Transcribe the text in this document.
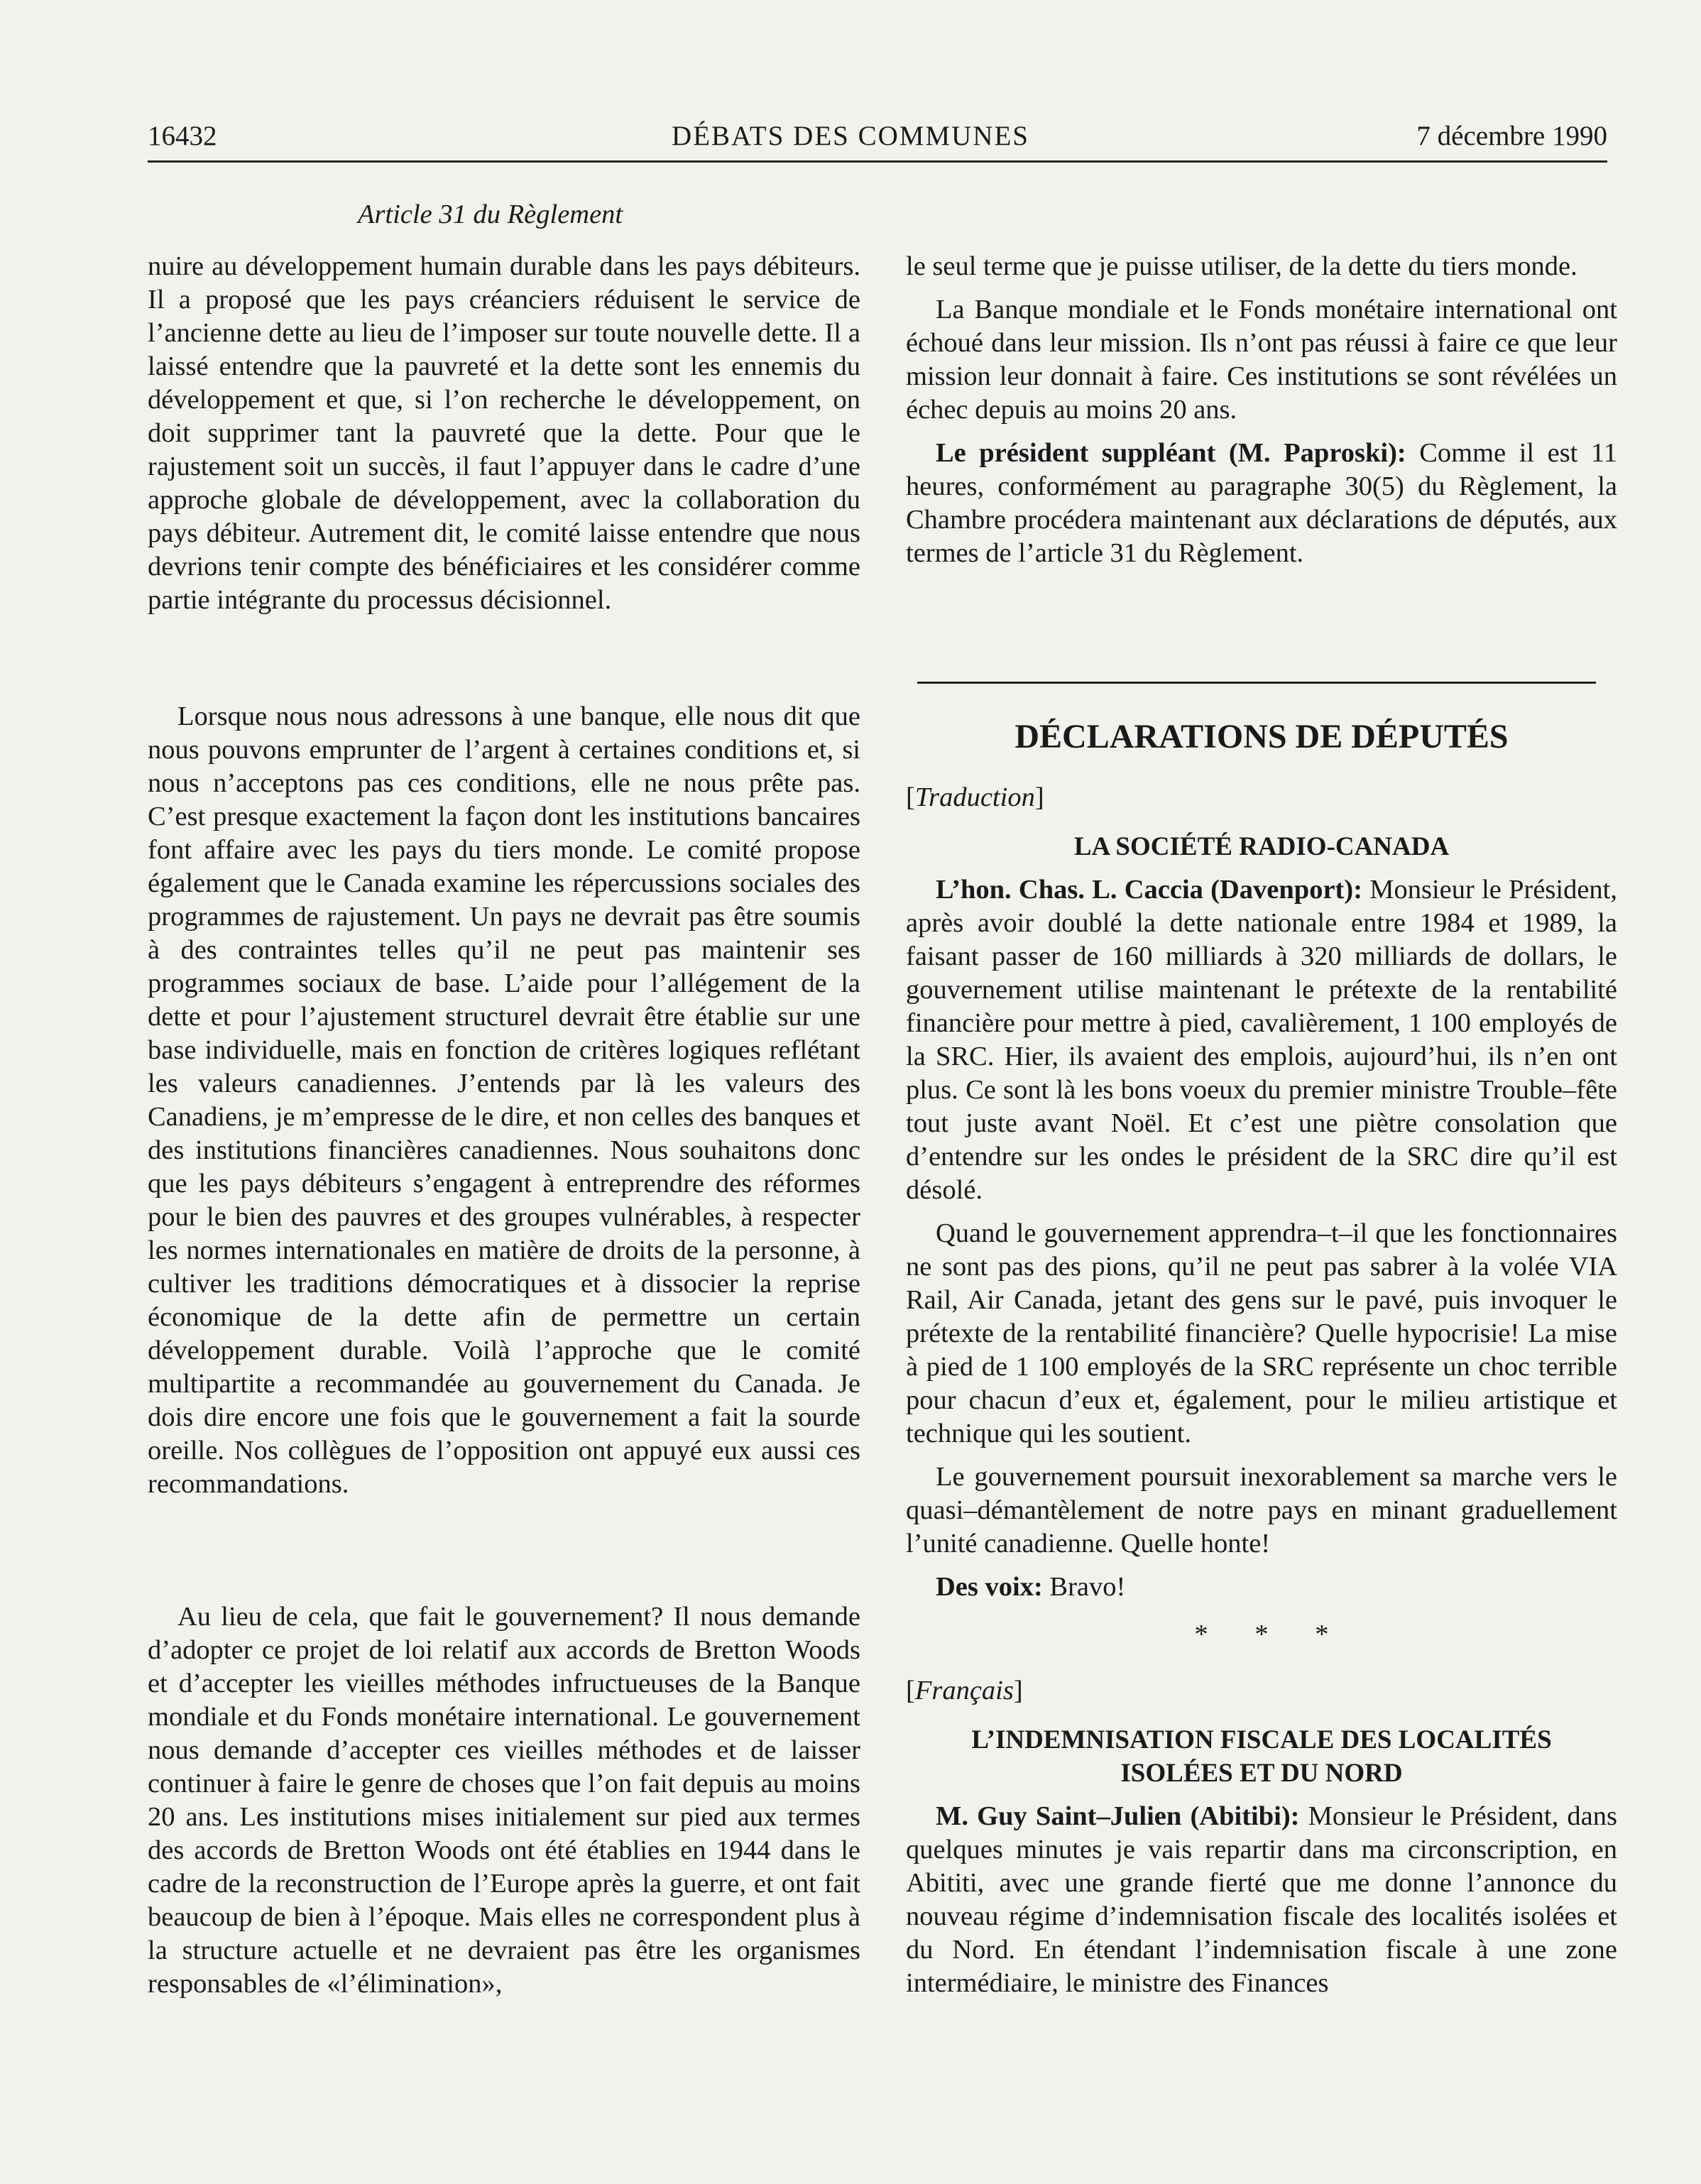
16432	DÉBATS DES COMMUNES	7 décembre 1990
Article 31 du Règlement

nuire au développement humain durable dans les pays débiteurs. Il a proposé que les pays créanciers réduisent le service de l’ancienne dette au lieu de l’imposer sur toute nouvelle dette. Il a laissé entendre que la pauvreté et la dette sont les ennemis du développement et que, si l’on recherche le développement, on doit supprimer tant la pauvreté que la dette. Pour que le rajustement soit un succès, il faut l’appuyer dans le cadre d’une approche globale de développement, avec la collaboration du pays débiteur. Autrement dit, le comité laisse entendre que nous devrions tenir compte des bénéficiaires et les considérer comme partie intégrante du processus décisionnel.

Lorsque nous nous adressons à une banque, elle nous dit que nous pouvons emprunter de l’argent à certaines conditions et, si nous n’acceptons pas ces conditions, elle ne nous prête pas. C’est presque exactement la façon dont les institutions bancaires font affaire avec les pays du tiers monde. Le comité propose également que le Canada examine les répercussions sociales des programmes de rajustement. Un pays ne devrait pas être soumis à des contraintes telles qu’il ne peut pas maintenir ses programmes sociaux de base. L’aide pour l’allégement de la dette et pour l’ajustement structurel devrait être établie sur une base individuelle, mais en fonction de critères logiques reflétant les valeurs canadiennes. J’entends par là les valeurs des Canadiens, je m’empresse de le dire, et non celles des banques et des institutions financières canadiennes. Nous souhaitons donc que les pays débiteurs s’engagent à entreprendre des réformes pour le bien des pauvres et des groupes vulnérables, à respecter les normes internationales en matière de droits de la personne, à cultiver les traditions démocratiques et à dissocier la reprise économique de la dette afin de permettre un certain développement durable. Voilà l’approche que le comité multipartite a recommandée au gouvernement du Canada. Je dois dire encore une fois que le gouvernement a fait la sourde oreille. Nos collègues de l’opposition ont appuyé eux aussi ces recommandations.

Au lieu de cela, que fait le gouvernement? Il nous demande d’adopter ce projet de loi relatif aux accords de Bretton Woods et d’accepter les vieilles méthodes infructueuses de la Banque mondiale et du Fonds monétaire international. Le gouvernement nous demande d’accepter ces vieilles méthodes et de laisser continuer à faire le genre de choses que l’on fait depuis au moins 20 ans. Les institutions mises initialement sur pied aux termes des accords de Bretton Woods ont été établies en 1944 dans le cadre de la reconstruction de l’Europe après la guerre, et ont fait beaucoup de bien à l’époque. Mais elles ne correspondent plus à la structure actuelle et ne devraient pas être les organismes responsables de «l’élimination»,

le seul terme que je puisse utiliser, de la dette du tiers monde.

La Banque mondiale et le Fonds monétaire international ont échoué dans leur mission. Ils n’ont pas réussi à faire ce que leur mission leur donnait à faire. Ces institutions se sont révélées un échec depuis au moins 20 ans.

Le président suppléant (M. Paproski): Comme il est 11 heures, conformément au paragraphe 30(5) du Règlement, la Chambre procédera maintenant aux déclarations de députés, aux termes de l’article 31 du Règlement.

DÉCLARATIONS DE DÉPUTÉS

[Traduction]

LA SOCIÉTÉ RADIO-CANADA

L’hon. Chas. L. Caccia (Davenport): Monsieur le Président, après avoir doublé la dette nationale entre 1984 et 1989, la faisant passer de 160 milliards à 320 milliards de dollars, le gouvernement utilise maintenant le prétexte de la rentabilité financière pour mettre à pied, cavalièrement, 1 100 employés de la SRC. Hier, ils avaient des emplois, aujourd’hui, ils n’en ont plus. Ce sont là les bons voeux du premier ministre Trouble–fête tout juste avant Noël. Et c’est une piètre consolation que d’entendre sur les ondes le président de la SRC dire qu’il est désolé.

Quand le gouvernement apprendra–t–il que les fonctionnaires ne sont pas des pions, qu’il ne peut pas sabrer à la volée VIA Rail, Air Canada, jetant des gens sur le pavé, puis invoquer le prétexte de la rentabilité financière? Quelle hypocrisie! La mise à pied de 1 100 employés de la SRC représente un choc terrible pour chacun d’eux et, également, pour le milieu artistique et technique qui les soutient.

Le gouvernement poursuit inexorablement sa marche vers le quasi–démantèlement de notre pays en minant graduellement l’unité canadienne. Quelle honte!

Des voix: Bravo!

* * *

[Français]

L’INDEMNISATION FISCALE DES LOCALITÉS ISOLÉES ET DU NORD

M. Guy Saint–Julien (Abitibi): Monsieur le Président, dans quelques minutes je vais repartir dans ma circonscription, en Abititi, avec une grande fierté que me donne l’annonce du nouveau régime d’indemnisation fiscale des localités isolées et du Nord. En étendant l’indemnisation fiscale à une zone intermédiaire, le ministre des Finances
